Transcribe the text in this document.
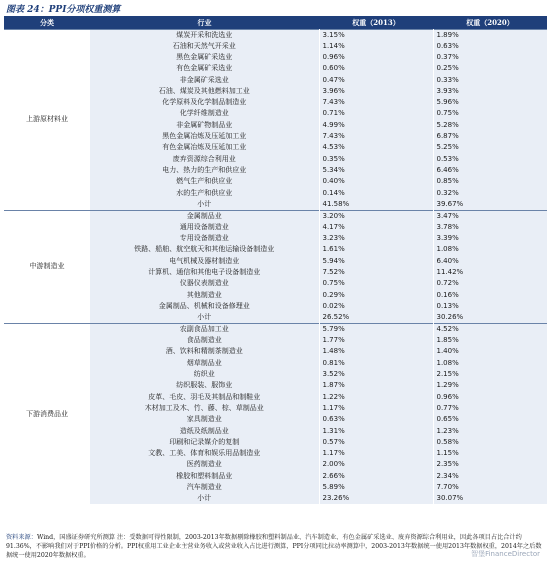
图表 24：PPI分项权重测算
分类	行业	权重（2013）	权重（2020）
上游原材料业	煤炭开采和洗选业	3.15%	1.89%
	石油和天然气开采业	1.14%	0.63%
	黑色金属矿采选业	0.96%	0.37%
	有色金属矿采选业	0.60%	0.25%
	非金属矿采选业	0.47%	0.33%
	石油、煤炭及其他燃料加工业	3.96%	3.93%
	化学原料及化学制品制造业	7.43%	5.96%
	化学纤维制造业	0.71%	0.75%
	非金属矿物制品业	4.99%	5.28%
	黑色金属冶炼及压延加工业	7.43%	6.87%
	有色金属冶炼及压延加工业	4.53%	5.25%
	废弃资源综合利用业	0.35%	0.53%
	电力、热力的生产和供应业	5.34%	6.46%
	燃气生产和供应业	0.40%	0.85%
	水的生产和供应业	0.14%	0.32%
	小计	41.58%	39.67%
中游制造业	金属制品业	3.20%	3.47%
	通用设备制造业	4.17%	3.78%
	专用设备制造业	3.23%	3.39%
	铁路、船舶、航空航天和其他运输设备制造业	1.61%	1.08%
	电气机械及器材制造业	5.94%	6.40%
	计算机、通信和其他电子设备制造业	7.52%	11.42%
	仪器仪表制造业	0.75%	0.72%
	其他制造业	0.29%	0.16%
	金属制品、机械和设备修理业	0.02%	0.13%
	小计	26.52%	30.26%
下游消费品业	农副食品加工业	5.79%	4.52%
	食品制造业	1.77%	1.85%
	酒、饮料和精制茶制造业	1.48%	1.40%
	烟草制品业	0.81%	1.08%
	纺织业	3.52%	2.15%
	纺织服装、服饰业	1.87%	1.29%
	皮革、毛皮、羽毛及其制品和制鞋业	1.22%	0.96%
	木材加工及木、竹、藤、棕、草制品业	1.17%	0.77%
	家具制造业	0.63%	0.65%
	造纸及纸制品业	1.31%	1.23%
	印刷和记录媒介的复制	0.57%	0.58%
	文教、工美、体育和娱乐用品制造业	1.17%	1.15%
	医药制造业	2.00%	2.35%
	橡胶和塑料制品业	2.66%	2.34%
	汽车制造业	5.89%	7.70%
	小计	23.26%	30.07%
资料来源：Wind，国盛证券研究所测算 注：受数据可得性限制，2003-2013年数据剔除橡胶和塑料制品业、汽车制造业、有色金属矿采选业、废弃资源综合利用业，因此各项目占比合计约91.36%，不影响我们对于PPI价格的分析。PPI权重用工业企业主营业务收入或营业收入占比进行测算，PPI分项同比拉动率测算中，2003-2013年数据统一使用2013年数据权重，2014年之后数据统一使用2020年数据权重。	智堡FinanceDirector
